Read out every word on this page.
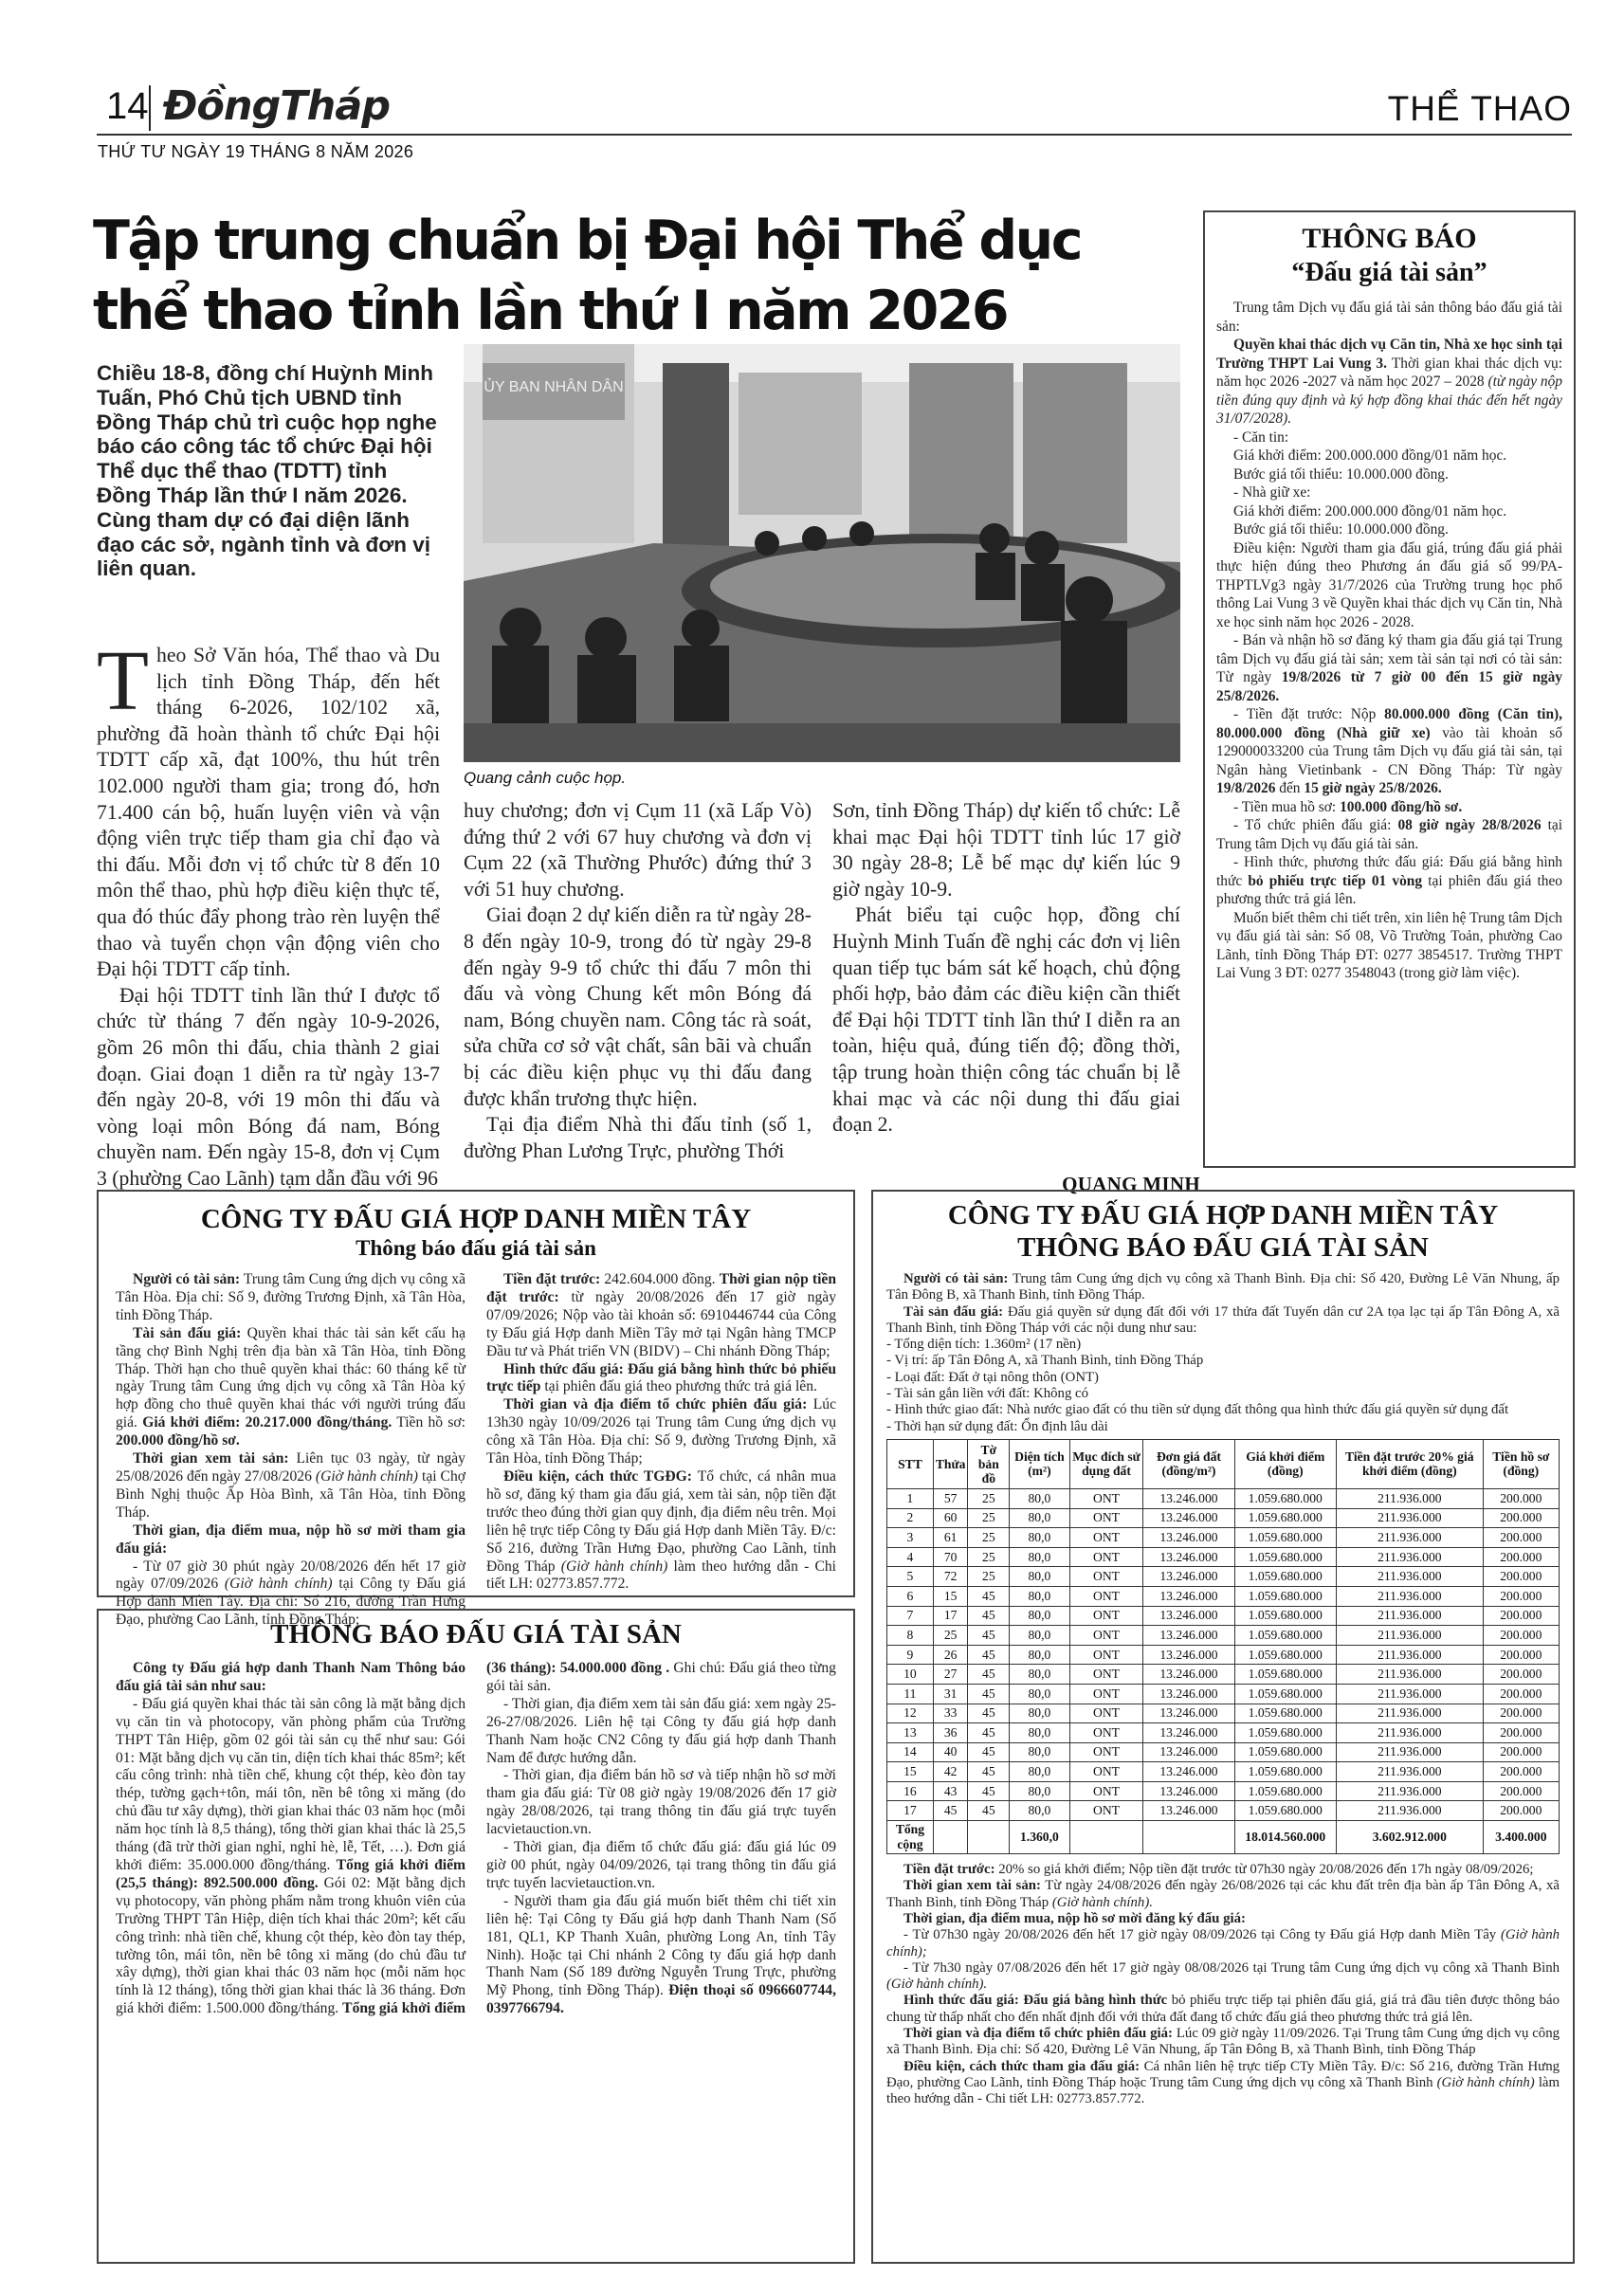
14 ĐồngTháp	THỂ THAO
THỨ TƯ NGÀY 19 THÁNG 8 NĂM 2026
Tập trung chuẩn bị Đại hội Thể dục thể thao tỉnh lần thứ I năm 2026
Chiều 18-8, đồng chí Huỳnh Minh Tuấn, Phó Chủ tịch UBND tỉnh Đồng Tháp chủ trì cuộc họp nghe báo cáo công tác tổ chức Đại hội Thể dục thể thao (TDTT) tỉnh Đồng Tháp lần thứ I năm 2026. Cùng tham dự có đại diện lãnh đạo các sở, ngành tỉnh và đơn vị liên quan.
ỦY BAN NHÂN DÂN
Quang cảnh cuộc họp.

Theo Sở Văn hóa, Thể thao và Du lịch tỉnh Đồng Tháp, đến hết tháng 6-2026, 102/102 xã, phường đã hoàn thành tổ chức Đại hội TDTT cấp xã, đạt 100%, thu hút trên 102.000 người tham gia; trong đó, hơn 71.400 cán bộ, huấn luyện viên và vận động viên trực tiếp tham gia chỉ đạo và thi đấu. Mỗi đơn vị tổ chức từ 8 đến 10 môn thể thao, phù hợp điều kiện thực tế, qua đó thúc đẩy phong trào rèn luyện thể thao và tuyển chọn vận động viên cho Đại hội TDTT cấp tỉnh.

Đại hội TDTT tỉnh lần thứ I được tổ chức từ tháng 7 đến ngày 10-9-2026, gồm 26 môn thi đấu, chia thành 2 giai đoạn. Giai đoạn 1 diễn ra từ ngày 13-7 đến ngày 20-8, với 19 môn thi đấu và vòng loại môn Bóng đá nam, Bóng chuyền nam. Đến ngày 15-8, đơn vị Cụm 3 (phường Cao Lãnh) tạm dẫn đầu với 96

huy chương; đơn vị Cụm 11 (xã Lấp Vò) đứng thứ 2 với 67 huy chương và đơn vị Cụm 22 (xã Thường Phước) đứng thứ 3 với 51 huy chương.

Giai đoạn 2 dự kiến diễn ra từ ngày 28-8 đến ngày 10-9, trong đó từ ngày 29-8 đến ngày 9-9 tổ chức thi đấu 7 môn thi đấu và vòng Chung kết môn Bóng đá nam, Bóng chuyền nam. Công tác rà soát, sửa chữa cơ sở vật chất, sân bãi và chuẩn bị các điều kiện phục vụ thi đấu đang được khẩn trương thực hiện.

Tại địa điểm Nhà thi đấu tỉnh (số 1, đường Phan Lương Trực, phường Thới

Sơn, tỉnh Đồng Tháp) dự kiến tổ chức: Lễ khai mạc Đại hội TDTT tỉnh lúc 17 giờ 30 ngày 28-8; Lễ bế mạc dự kiến lúc 9 giờ ngày 10-9.

Phát biểu tại cuộc họp, đồng chí Huỳnh Minh Tuấn đề nghị các đơn vị liên quan tiếp tục bám sát kế hoạch, chủ động phối hợp, bảo đảm các điều kiện cần thiết để Đại hội TDTT tỉnh lần thứ I diễn ra an toàn, hiệu quả, đúng tiến độ; đồng thời, tập trung hoàn thiện công tác chuẩn bị lễ khai mạc và các nội dung thi đấu giai đoạn 2.

QUANG MINH
THÔNG BÁO
“Đấu giá tài sản”

Trung tâm Dịch vụ đấu giá tài sản thông báo đấu giá tài sản:

Quyền khai thác dịch vụ Căn tin, Nhà xe học sinh tại Trường THPT Lai Vung 3. Thời gian khai thác dịch vụ: năm học 2026 -2027 và năm học 2027 – 2028 (từ ngày nộp tiền đúng quy định và ký hợp đồng khai thác đến hết ngày 31/07/2028).

- Căn tin:

Giá khởi điểm: 200.000.000 đồng/01 năm học.

Bước giá tối thiểu: 10.000.000 đồng.

- Nhà giữ xe:

Giá khởi điểm: 200.000.000 đồng/01 năm học.

Bước giá tối thiểu: 10.000.000 đồng.

Điều kiện: Người tham gia đấu giá, trúng đấu giá phải thực hiện đúng theo Phương án đấu giá số 99/PA- THPTLVg3 ngày 31/7/2026 của Trường trung học phổ thông Lai Vung 3 về Quyền khai thác dịch vụ Căn tin, Nhà xe học sinh năm học 2026 - 2028.

- Bán và nhận hồ sơ đăng ký tham gia đấu giá tại Trung tâm Dịch vụ đấu giá tài sản; xem tài sản tại nơi có tài sản: Từ ngày 19/8/2026 từ 7 giờ 00 đến 15 giờ ngày 25/8/2026.

- Tiền đặt trước: Nộp 80.000.000 đồng (Căn tin), 80.000.000 đồng (Nhà giữ xe) vào tài khoản số 129000033200 của Trung tâm Dịch vụ đấu giá tài sản, tại Ngân hàng Vietinbank - CN Đồng Tháp: Từ ngày 19/8/2026 đến 15 giờ ngày 25/8/2026.

- Tiền mua hồ sơ: 100.000 đồng/hồ sơ.

- Tổ chức phiên đấu giá: 08 giờ ngày 28/8/2026 tại Trung tâm Dịch vụ đấu giá tài sản.

- Hình thức, phương thức đấu giá: Đấu giá bằng hình thức bỏ phiếu trực tiếp 01 vòng tại phiên đấu giá theo phương thức trả giá lên.

Muốn biết thêm chi tiết trên, xin liên hệ Trung tâm Dịch vụ đấu giá tài sản: Số 08, Võ Trường Toản, phường Cao Lãnh, tỉnh Đồng Tháp ĐT: 0277 3854517. Trường THPT Lai Vung 3 ĐT: 0277 3548043 (trong giờ làm việc).

CÔNG TY ĐẤU GIÁ HỢP DANH MIỀN TÂY
Thông báo đấu giá tài sản

Người có tài sản: Trung tâm Cung ứng dịch vụ công xã Tân Hòa. Địa chỉ: Số 9, đường Trương Định, xã Tân Hòa, tỉnh Đồng Tháp.

Tài sản đấu giá: Quyền khai thác tài sản kết cấu hạ tầng chợ Bình Nghị trên địa bàn xã Tân Hòa, tỉnh Đồng Tháp. Thời hạn cho thuê quyền khai thác: 60 tháng kể từ ngày Trung tâm Cung ứng dịch vụ công xã Tân Hòa ký hợp đồng cho thuê quyền khai thác với người trúng đấu giá. Giá khởi điểm: 20.217.000 đồng/tháng. Tiền hồ sơ: 200.000 đồng/hồ sơ.

Thời gian xem tài sản: Liên tục 03 ngày, từ ngày 25/08/2026 đến ngày 27/08/2026 (Giờ hành chính) tại Chợ Bình Nghị thuộc Ấp Hòa Bình, xã Tân Hòa, tỉnh Đồng Tháp.

Thời gian, địa điểm mua, nộp hồ sơ mời tham gia đấu giá:

- Từ 07 giờ 30 phút ngày 20/08/2026 đến hết 17 giờ ngày 07/09/2026 (Giờ hành chính) tại Công ty Đấu giá Hợp danh Miền Tây. Địa chỉ: Số 216, đường Trần Hưng Đạo, phường Cao Lãnh, tỉnh Đồng Tháp;

Tiền đặt trước: 242.604.000 đồng. Thời gian nộp tiền đặt trước: từ ngày 20/08/2026 đến 17 giờ ngày 07/09/2026; Nộp vào tài khoản số: 6910446744 của Công ty Đấu giá Hợp danh Miền Tây mở tại Ngân hàng TMCP Đầu tư và Phát triển VN (BIDV) – Chi nhánh Đồng Tháp;

Hình thức đấu giá: Đấu giá bằng hình thức bỏ phiếu trực tiếp tại phiên đấu giá theo phương thức trả giá lên.

Thời gian và địa điểm tổ chức phiên đấu giá: Lúc 13h30 ngày 10/09/2026 tại Trung tâm Cung ứng dịch vụ công xã Tân Hòa. Địa chỉ: Số 9, đường Trương Định, xã Tân Hòa, tỉnh Đồng Tháp;

Điều kiện, cách thức TGĐG: Tổ chức, cá nhân mua hồ sơ, đăng ký tham gia đấu giá, xem tài sản, nộp tiền đặt trước theo đúng thời gian quy định, địa điểm nêu trên. Mọi liên hệ trực tiếp Công ty Đấu giá Hợp danh Miền Tây. Đ/c: Số 216, đường Trần Hưng Đạo, phường Cao Lãnh, tỉnh Đồng Tháp (Giờ hành chính) làm theo hướng dẫn - Chi tiết LH: 02773.857.772.

THÔNG BÁO ĐẤU GIÁ TÀI SẢN

Công ty Đấu giá hợp danh Thanh Nam Thông báo đấu giá tài sản như sau:

- Đấu giá quyền khai thác tài sản công là mặt bằng dịch vụ căn tin và photocopy, văn phòng phẩm của Trường THPT Tân Hiệp, gồm 02 gói tài sản cụ thể như sau: Gói 01: Mặt bằng dịch vụ căn tin, diện tích khai thác 85m²; kết cấu công trình: nhà tiền chế, khung cột thép, kèo đòn tay thép, tường gạch+tôn, mái tôn, nền bê tông xi măng (do chủ đầu tư xây dựng), thời gian khai thác 03 năm học (mỗi năm học tính là 8,5 tháng), tổng thời gian khai thác là 25,5 tháng (đã trừ thời gian nghỉ, nghỉ hè, lễ, Tết, …). Đơn giá khởi điểm: 35.000.000 đồng/tháng. Tổng giá khởi điểm (25,5 tháng): 892.500.000 đồng. Gói 02: Mặt bằng dịch vụ photocopy, văn phòng phẩm nằm trong khuôn viên của Trường THPT Tân Hiệp, diện tích khai thác 20m²; kết cấu công trình: nhà tiền chế, khung cột thép, kèo đòn tay thép, tường tôn, mái tôn, nền bê tông xi măng (do chủ đầu tư xây dựng), thời gian khai thác 03 năm học (mỗi năm học tính là 12 tháng), tổng thời gian khai thác là 36 tháng. Đơn giá khởi điểm: 1.500.000 đồng/tháng. Tổng giá khởi điểm (36 tháng): 54.000.000 đồng . Ghi chú: Đấu giá theo từng gói tài sản.

- Thời gian, địa điểm xem tài sản đấu giá: xem ngày 25-26-27/08/2026. Liên hệ tại Công ty đấu giá hợp danh Thanh Nam hoặc CN2 Công ty đấu giá hợp danh Thanh Nam để được hướng dẫn.

- Thời gian, địa điểm bán hồ sơ và tiếp nhận hồ sơ mời tham gia đấu giá: Từ 08 giờ ngày 19/08/2026 đến 17 giờ ngày 28/08/2026, tại trang thông tin đấu giá trực tuyến lacvietauction.vn.

- Thời gian, địa điểm tổ chức đấu giá: đấu giá lúc 09 giờ 00 phút, ngày 04/09/2026, tại trang thông tin đấu giá trực tuyến lacvietauction.vn.

- Người tham gia đấu giá muốn biết thêm chi tiết xin liên hệ: Tại Công ty Đấu giá hợp danh Thanh Nam (Số 181, QL1, KP Thanh Xuân, phường Long An, tỉnh Tây Ninh). Hoặc tại Chi nhánh 2 Công ty đấu giá hợp danh Thanh Nam (Số 189 đường Nguyễn Trung Trực, phường Mỹ Phong, tỉnh Đồng Tháp). Điện thoại số 0966607744, 0397766794.

CÔNG TY ĐẤU GIÁ HỢP DANH MIỀN TÂY
THÔNG BÁO ĐẤU GIÁ TÀI SẢN

Người có tài sản: Trung tâm Cung ứng dịch vụ công xã Thanh Bình. Địa chỉ: Số 420, Đường Lê Văn Nhung, ấp Tân Đông B, xã Thanh Bình, tỉnh Đồng Tháp.

Tài sản đấu giá: Đấu giá quyền sử dụng đất đối với 17 thửa đất Tuyến dân cư 2A tọa lạc tại ấp Tân Đông A, xã Thanh Bình, tỉnh Đồng Tháp với các nội dung như sau:

- Tổng diện tích: 1.360m² (17 nền)
- Vị trí: ấp Tân Đông A, xã Thanh Bình, tỉnh Đồng Tháp
- Loại đất: Đất ở tại nông thôn (ONT)
- Tài sản gắn liền với đất: Không có
- Hình thức giao đất: Nhà nước giao đất có thu tiền sử dụng đất thông qua hình thức đấu giá quyền sử dụng đất
- Thời hạn sử dụng đất: Ổn định lâu dài
STT	Thửa	Tờ bản đồ	Diện tích (m²)	Mục đích sử dụng đất	Đơn giá đất (đồng/m²)	Giá khởi điểm (đồng)	Tiền đặt trước 20% giá khởi điểm (đồng)	Tiền hồ sơ (đồng)
1	57	25	80,0	ONT	13.246.000	1.059.680.000	211.936.000	200.000
2	60	25	80,0	ONT	13.246.000	1.059.680.000	211.936.000	200.000
3	61	25	80,0	ONT	13.246.000	1.059.680.000	211.936.000	200.000
4	70	25	80,0	ONT	13.246.000	1.059.680.000	211.936.000	200.000
5	72	25	80,0	ONT	13.246.000	1.059.680.000	211.936.000	200.000
6	15	45	80,0	ONT	13.246.000	1.059.680.000	211.936.000	200.000
7	17	45	80,0	ONT	13.246.000	1.059.680.000	211.936.000	200.000
8	25	45	80,0	ONT	13.246.000	1.059.680.000	211.936.000	200.000
9	26	45	80,0	ONT	13.246.000	1.059.680.000	211.936.000	200.000
10	27	45	80,0	ONT	13.246.000	1.059.680.000	211.936.000	200.000
11	31	45	80,0	ONT	13.246.000	1.059.680.000	211.936.000	200.000
12	33	45	80,0	ONT	13.246.000	1.059.680.000	211.936.000	200.000
13	36	45	80,0	ONT	13.246.000	1.059.680.000	211.936.000	200.000
14	40	45	80,0	ONT	13.246.000	1.059.680.000	211.936.000	200.000
15	42	45	80,0	ONT	13.246.000	1.059.680.000	211.936.000	200.000
16	43	45	80,0	ONT	13.246.000	1.059.680.000	211.936.000	200.000
17	45	45	80,0	ONT	13.246.000	1.059.680.000	211.936.000	200.000
Tổng cộng			1.360,0			18.014.560.000	3.602.912.000	3.400.000

Tiền đặt trước: 20% so giá khởi điểm; Nộp tiền đặt trước từ 07h30 ngày 20/08/2026 đến 17h ngày 08/09/2026;

Thời gian xem tài sản: Từ ngày 24/08/2026 đến ngày 26/08/2026 tại các khu đất trên địa bàn ấp Tân Đông A, xã Thanh Bình, tỉnh Đồng Tháp (Giờ hành chính).

Thời gian, địa điểm mua, nộp hồ sơ mời đăng ký đấu giá:

- Từ 07h30 ngày 20/08/2026 đến hết 17 giờ ngày 08/09/2026 tại Công ty Đấu giá Hợp danh Miền Tây (Giờ hành chính);

- Từ 7h30 ngày 07/08/2026 đến hết 17 giờ ngày 08/08/2026 tại Trung tâm Cung ứng dịch vụ công xã Thanh Bình (Giờ hành chính).

Hình thức đấu giá: Đấu giá bằng hình thức bỏ phiếu trực tiếp tại phiên đấu giá, giá trả đầu tiên được thông báo chung từ thấp nhất cho đến nhất định đối với thửa đất đang tổ chức đấu giá theo phương thức trả giá lên.

Thời gian và địa điểm tổ chức phiên đấu giá: Lúc 09 giờ ngày 11/09/2026. Tại Trung tâm Cung ứng dịch vụ công xã Thanh Bình. Địa chỉ: Số 420, Đường Lê Văn Nhung, ấp Tân Đông B, xã Thanh Bình, tỉnh Đồng Tháp

Điều kiện, cách thức tham gia đấu giá: Cá nhân liên hệ trực tiếp CTy Miền Tây. Đ/c: Số 216, đường Trần Hưng Đạo, phường Cao Lãnh, tỉnh Đồng Tháp hoặc Trung tâm Cung ứng dịch vụ công xã Thanh Bình (Giờ hành chính) làm theo hướng dẫn - Chi tiết LH: 02773.857.772.
